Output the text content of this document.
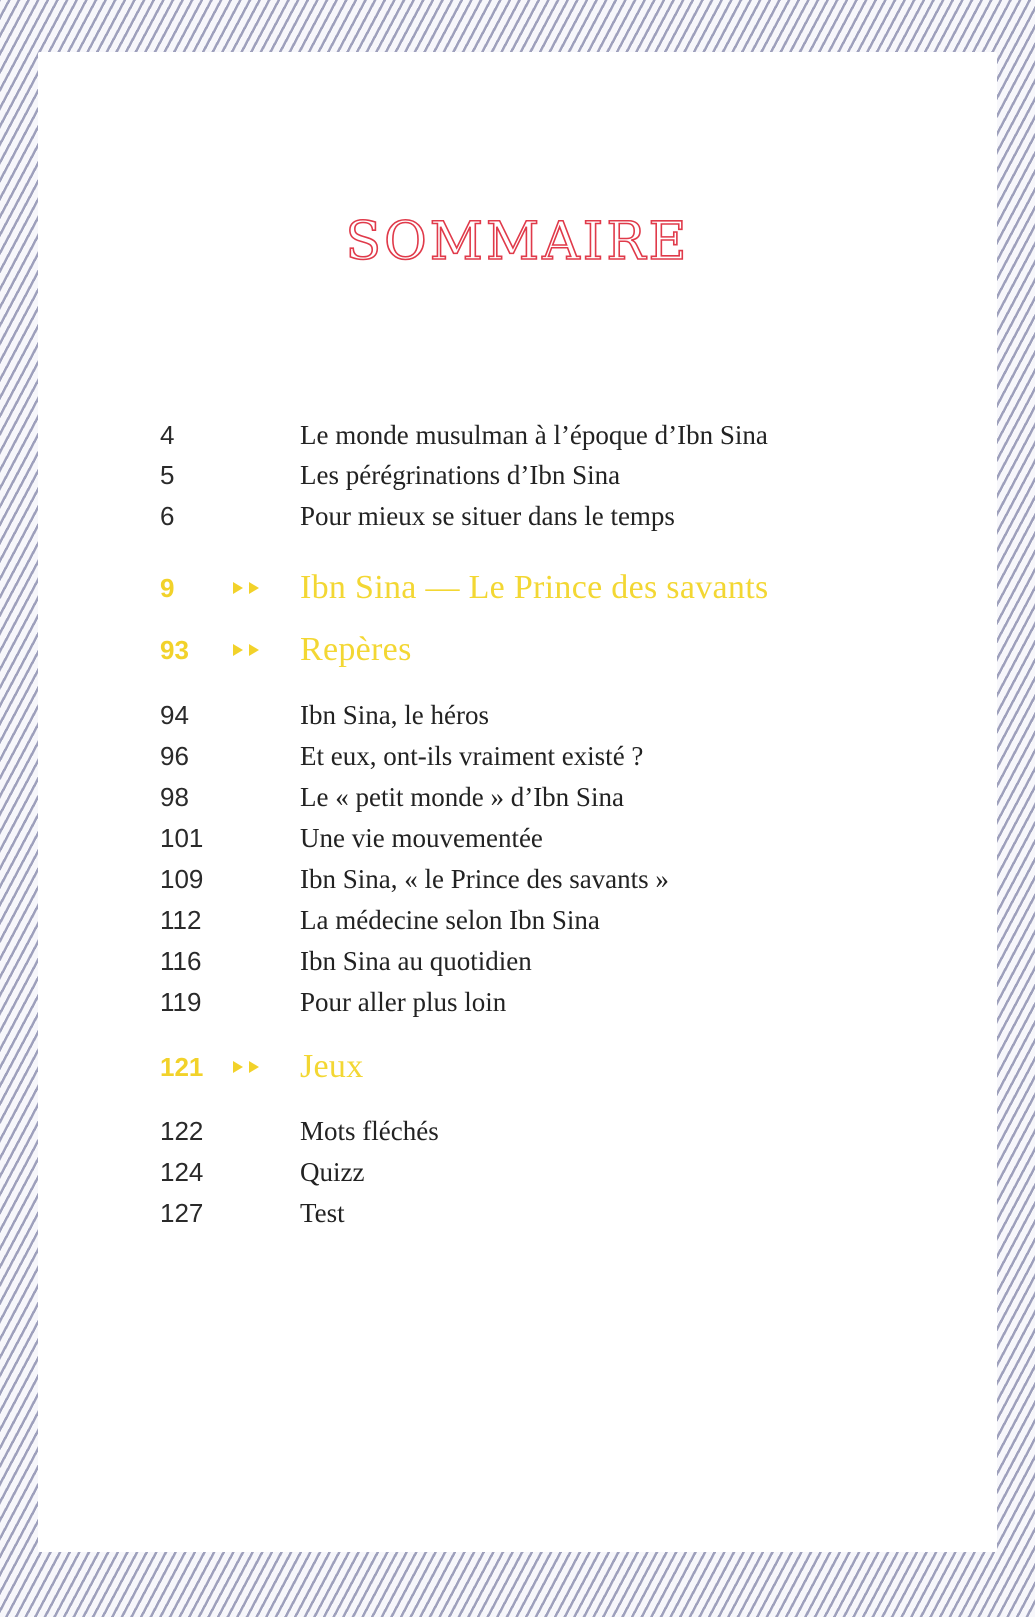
SOMMAIRE
4	Le monde musulman à l’époque d’Ibn Sina
5	Les pérégrinations d’Ibn Sina
6	Pour mieux se situer dans le temps
9	Ibn Sina — Le Prince des savants
93	Repères
94	Ibn Sina, le héros
96	Et eux, ont-ils vraiment existé ?
98	Le « petit monde » d’Ibn Sina
101	Une vie mouvementée
109	Ibn Sina, « le Prince des savants »
112	La médecine selon Ibn Sina
116	Ibn Sina au quotidien
119	Pour aller plus loin
121	Jeux
122	Mots fléchés
124	Quizz
127	Test
